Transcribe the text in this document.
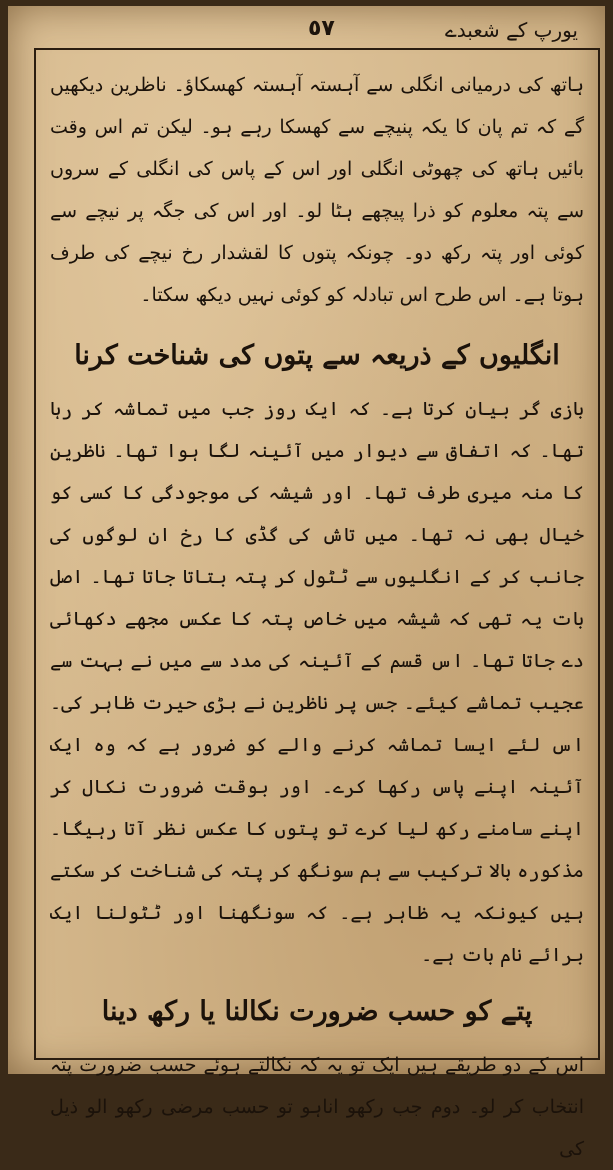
یورپ کے شعبدے
٥٧

ہاتھ کی درمیانی انگلی سے آہستہ آہستہ کھسکاؤ۔ ناظرین دیکھیں گے کہ تم پان کا یکہ پنیچے سے کھسکا رہے ہو۔ لیکن تم اس وقت بائیں ہاتھ کی چھوٹی انگلی اور اس کے پاس کی انگلی کے سروں سے پتہ معلوم کو ذرا پیچھے ہٹا لو۔ اور اس کی جگہ پر نیچے سے کوئی اور پتہ رکھ دو۔ چونکہ پتوں کا لقشدار رخ نیچے کی طرف ہوتا ہے۔ اس طرح اس تبادلہ کو کوئی نہیں دیکھ سکتا۔

انگلیوں کے ذریعہ سے پتوں کی شناخت کرنا

بازی گر بیان کرتا ہے۔ کہ ایک روز جب میں تماشہ کر رہا تھا۔ کہ اتفاق سے دیوار میں آئینہ لگا ہوا تھا۔ ناظرین کا منہ میری طرف تھا۔ اور شیشہ کی موجودگی کا کسی کو خیال بھی نہ تھا۔ میں تاش کی گڈی کا رخ ان لوگوں کی جانب کر کے انگلیوں سے ٹٹول کر پتہ بتاتا جاتا تھا۔ اصل بات یہ تھی کہ شیشہ میں خاص پتہ کا عکس مجھے دکھائی دے جاتا تھا۔ اس قسم کے آئینہ کی مدد سے میں نے بہت سے عجیب تماشے کیئے۔ جس پر ناظرین نے بڑی حیرت ظاہر کی۔ اس لئے ایسا تماشہ کرنے والے کو ضرور ہے کہ وہ ایک آئینہ اپنے پاس رکھا کرے۔ اور بوقت ضرورت نکال کر اپنے سامنے رکھ لیا کرے تو پتوں کا عکس نظر آتا رہیگا۔ مذکورہ بالا ترکیب سے ہم سونگھ کر پتہ کی شناخت کر سکتے ہیں کیونکہ یہ ظاہر ہے۔ کہ سونگھنا اور ٹٹولنا ایک برائے نام بات ہے۔

پتے کو حسب ضرورت نکالنا یا رکھ دینا

اس کے دو طریقے ہیں ایک تو یہ کہ نکالتے ہوئے حسب ضرورت پتہ انتخاب کر لو۔ دوم جب رکھو اناہو تو حسب مرضی رکھو الو ذیل کی
